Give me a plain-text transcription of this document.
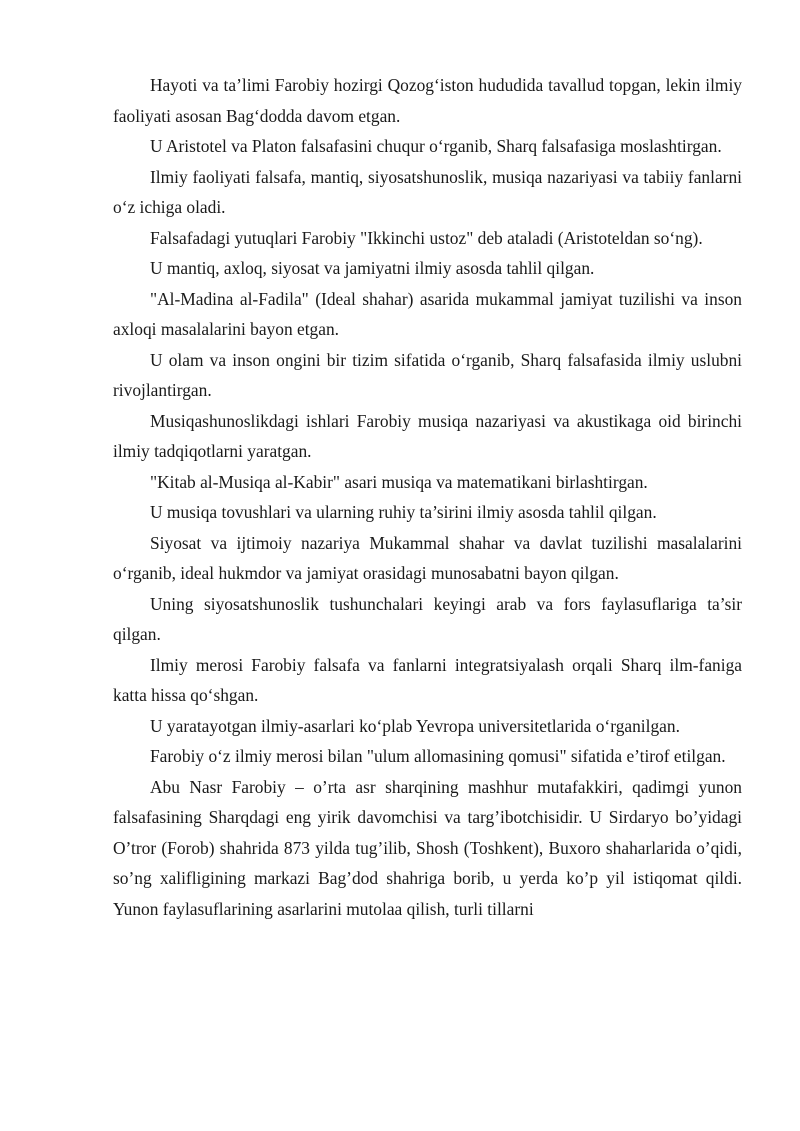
Hayoti va ta’limi Farobiy hozirgi Qozog‘iston hududida tavallud topgan, lekin ilmiy faoliyati asosan Bag‘dodda davom etgan.

U Aristotel va Platon falsafasini chuqur o‘rganib, Sharq falsafasiga moslashtirgan.

Ilmiy faoliyati falsafa, mantiq, siyosatshunoslik, musiqa nazariyasi va tabiiy fanlarni o‘z ichiga oladi.

Falsafadagi yutuqlari Farobiy "Ikkinchi ustoz" deb ataladi (Aristoteldan so‘ng).

U mantiq, axloq, siyosat va jamiyatni ilmiy asosda tahlil qilgan.

"Al-Madina al-Fadila" (Ideal shahar) asarida mukammal jamiyat tuzilishi va inson axloqi masalalarini bayon etgan.

U olam va inson ongini bir tizim sifatida o‘rganib, Sharq falsafasida ilmiy uslubni rivojlantirgan.

Musiqashunoslikdagi ishlari Farobiy musiqa nazariyasi va akustikaga oid birinchi ilmiy tadqiqotlarni yaratgan.

"Kitab al-Musiqa al-Kabir" asari musiqa va matematikani birlashtirgan.

U musiqa tovushlari va ularning ruhiy ta’sirini ilmiy asosda tahlil qilgan.

Siyosat va ijtimoiy nazariya Mukammal shahar va davlat tuzilishi masalalarini o‘rganib, ideal hukmdor va jamiyat orasidagi munosabatni bayon qilgan.

Uning siyosatshunoslik tushunchalari keyingi arab va fors faylasuflariga ta’sir qilgan.

Ilmiy merosi Farobiy falsafa va fanlarni integratsiyalash orqali Sharq ilm-faniga katta hissa qo‘shgan.

U yaratayotgan ilmiy-asarlari ko‘plab Yevropa universitetlarida o‘rganilgan.

Farobiy o‘z ilmiy merosi bilan "ulum allomasining qomusi" sifatida e’tirof etilgan.

Abu Nasr Farobiy – o’rta asr sharqining mashhur mutafakkiri, qadimgi yunon falsafasining Sharqdagi eng yirik davomchisi va targ’ibotchisidir. U Sirdaryo bo’yidagi O’tror (Forob) shahrida 873 yilda tug’ilib, Shosh (Toshkent), Buxoro shaharlarida o’qidi, so’ng xalifligining markazi Bag’dod shahriga borib, u yerda ko’p yil istiqomat qildi. Yunon faylasuflarining asarlarini mutolaa qilish, turli tillarni
